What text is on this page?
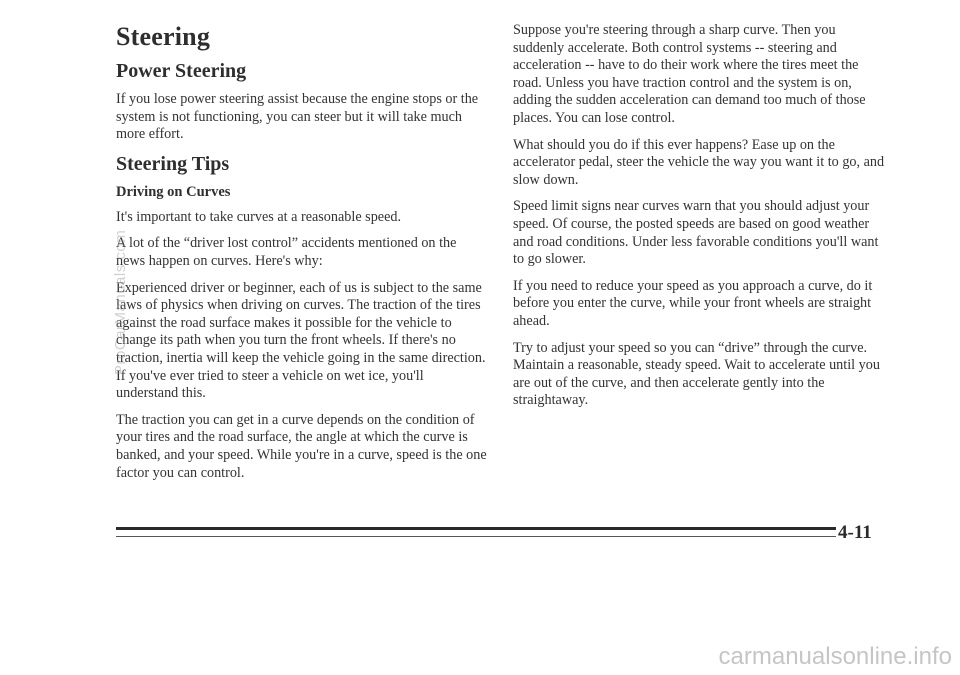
Steering
Power Steering

If you lose power steering assist because the engine stops or the system is not functioning, you can steer but it will take much more effort.

Steering Tips
Driving on Curves

It's important to take curves at a reasonable speed.

A lot of the “driver lost control” accidents mentioned on the news happen on curves. Here's why:

Experienced driver or beginner, each of us is subject to the same laws of physics when driving on curves. The traction of the tires against the road surface makes it possible for the vehicle to change its path when you turn the front wheels. If there's no traction, inertia will keep the vehicle going in the same direction. If you've ever tried to steer a vehicle on wet ice, you'll understand this.

The traction you can get in a curve depends on the condition of your tires and the road surface, the angle at which the curve is banked, and your speed. While you're in a curve, speed is the one factor you can control.

Suppose you're steering through a sharp curve. Then you suddenly accelerate. Both control systems -- steering and acceleration -- have to do their work where the tires meet the road. Unless you have traction control and the system is on, adding the sudden acceleration can demand too much of those places. You can lose control.

What should you do if this ever happens? Ease up on the accelerator pedal, steer the vehicle the way you want it to go, and slow down.

Speed limit signs near curves warn that you should adjust your speed. Of course, the posted speeds are based on good weather and road conditions. Under less favorable conditions you'll want to go slower.

If you need to reduce your speed as you approach a curve, do it before you enter the curve, while your front wheels are straight ahead.

Try to adjust your speed so you can “drive” through the curve. Maintain a reasonable, steady speed. Wait to accelerate until you are out of the curve, and then accelerate gently into the straightaway.

4-11
ProCarManuals.com
carmanualsonline.info
